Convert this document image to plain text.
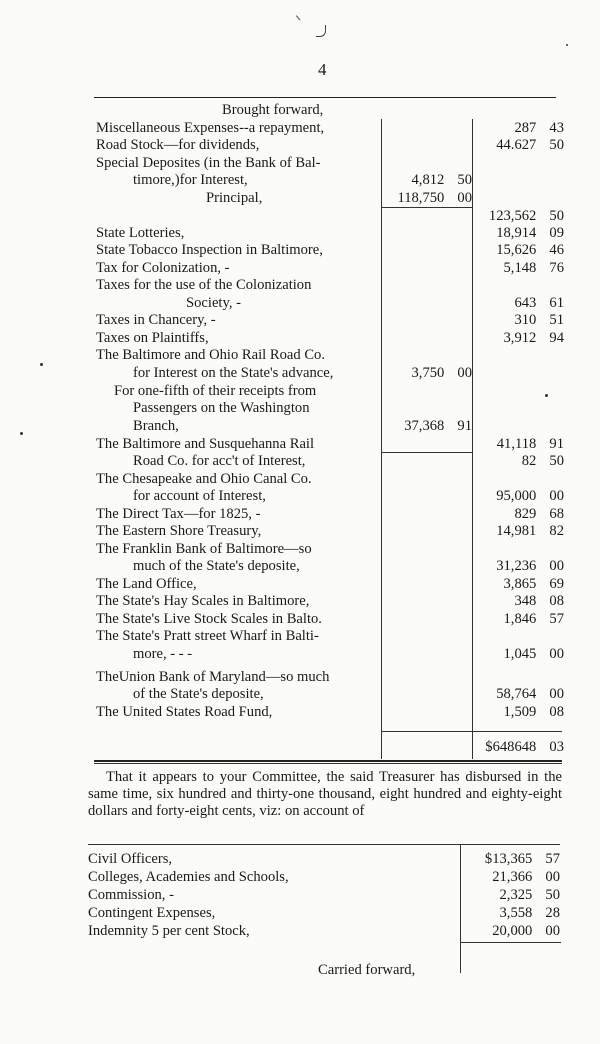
4
Brought forward,
Miscellaneous Expenses--a repayment,	287 43
Road Stock—for dividends,	44.627 50
Special Deposites (in the Bank of Bal-
timore,)for Interest,	4,812 50
Principal,	118,750 00
123,562 50
State Lotteries,	18,914 09
State Tobacco Inspection in Baltimore,	15,626 46
Tax for Colonization, -	5,148 76
Taxes for the use of the Colonization
Society, -	643 61
Taxes in Chancery, -	310 51
Taxes on Plaintiffs,	3,912 94
The Baltimore and Ohio Rail Road Co.
for Interest on the State's advance,	3,750 00
For one-fifth of their receipts from
Passengers on the Washington
Branch,	37,368 91
The Baltimore and Susquehanna Rail	41,118 91
Road Co. for acc't of Interest,	82 50
The Chesapeake and Ohio Canal Co.
for account of Interest,	95,000 00
The Direct Tax—for 1825, -	829 68
The Eastern Shore Treasury,	14,981 82
The Franklin Bank of Baltimore—so
much of the State's deposite,	31,236 00
The Land Office,	3,865 69
The State's Hay Scales in Baltimore,	348 08
The State's Live Stock Scales in Balto.	1,846 57
The State's Pratt street Wharf in Balti-
more, - - -	1,045 00
TheUnion Bank of Maryland—so much
of the State's deposite,	58,764 00
The United States Road Fund,	1,509 08
$648648 03
That it appears to your Committee, the said Treasurer has disbursed in the same time, six hundred and thirty-one thousand, eight hundred and eighty-eight dollars and forty-eight cents, viz: on account of
Civil Officers,	$13,365 57
Colleges, Academies and Schools,	21,366 00
Commission, -	2,325 50
Contingent Expenses,	3,558 28
Indemnity 5 per cent Stock,	20,000 00
Carried forward,
